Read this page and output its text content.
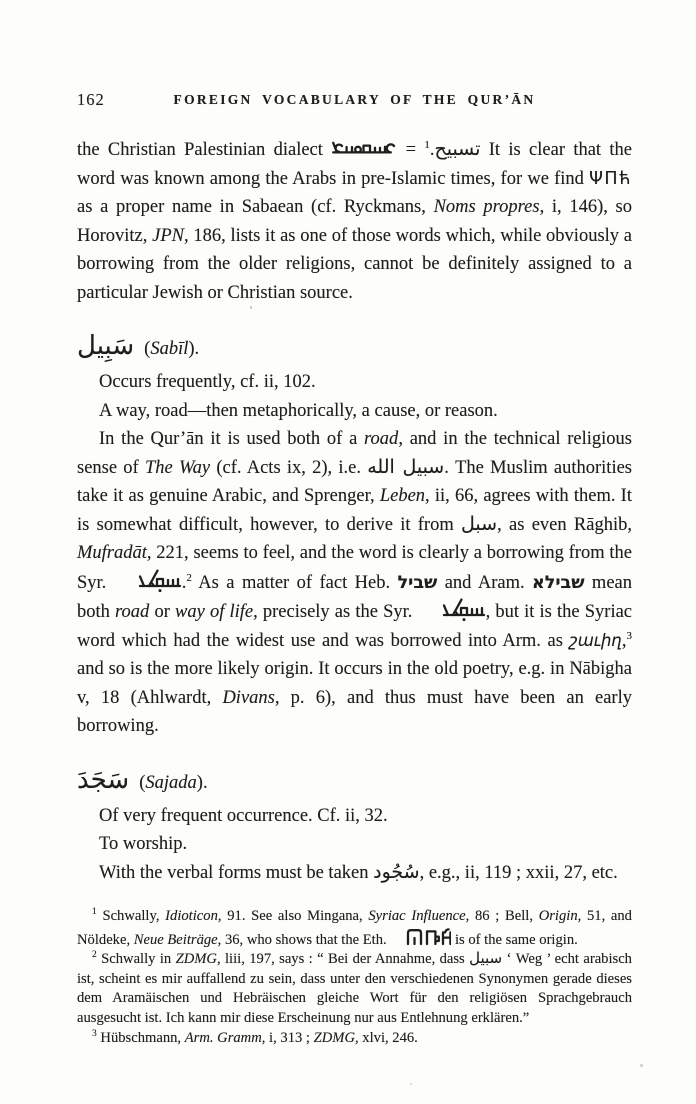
162	FOREIGN VOCABULARY OF THE QUR’ĀN

the Christian Palestinian dialect	= تسبيح.$^1$	It is clear that the word was known among the Arabs in pre-Islamic times, for we find ΨΠћ as a proper name in Sabaean (cf. Ryckmans, Noms propres, i, 146), so Horovitz, JPN, 186, lists it as one of those words which, while obviously a borrowing from the older religions, cannot be definitely assigned to a particular Jewish or Christian source.

سَبِيل (Sabīl).

Occurs frequently, cf. ii, 102.

A way, road—then metaphorically, a cause, or reason.

In the Qur’ān it is used both of a road, and in the technical religious sense of The Way (cf. Acts ix, 2), i.e. سبيل الله. The Muslim authorities take it as genuine Arabic, and Sprenger, Leben, ii, 66, agrees with them. It is somewhat difficult, however, to derive it from سبل, as even Rāghib, Mufradāt, 221, seems to feel, and the word is clearly a borrowing from the Syr.	.$^2$ As a matter of fact Heb. שביל and Aram. שבילא mean both road or way of life, precisely as the Syr.	, but it is the Syriac word which had the widest use and was borrowed into Arm. as շաւիղ,$^3$ and so is the more likely origin. It occurs in the old poetry, e.g. in Nābigha v, 18 (Ahlwardt, Divans, p. 6), and thus must have been an early borrowing.

سَجَدَ (Sajada).

Of very frequent occurrence. Cf. ii, 32.

To worship.

With the verbal forms must be taken سُجُود, e.g., ii, 119 ; xxii, 27, etc.

$^1$ Schwally, Idioticon, 91. See also Mingana, Syriac Influence, 86 ; Bell, Origin, 51, and Nöldeke, Neue Beiträge, 36, who shows that the Eth.	is of the same origin.

$^2$ Schwally in ZDMG, liii, 197, says : “ Bei der Annahme, dass سبيل ‘ Weg ’ echt arabisch ist, scheint es mir auffallend zu sein, dass unter den verschiedenen Synonymen gerade dieses dem Aramäischen und Hebräischen gleiche Wort für den religiösen Sprachgebrauch ausgesucht ist. Ich kann mir diese Erscheinung nur aus Entlehnung erklären.”

$^3$ Hübschmann, Arm. Gramm, i, 313 ; ZDMG, xlvi, 246.
